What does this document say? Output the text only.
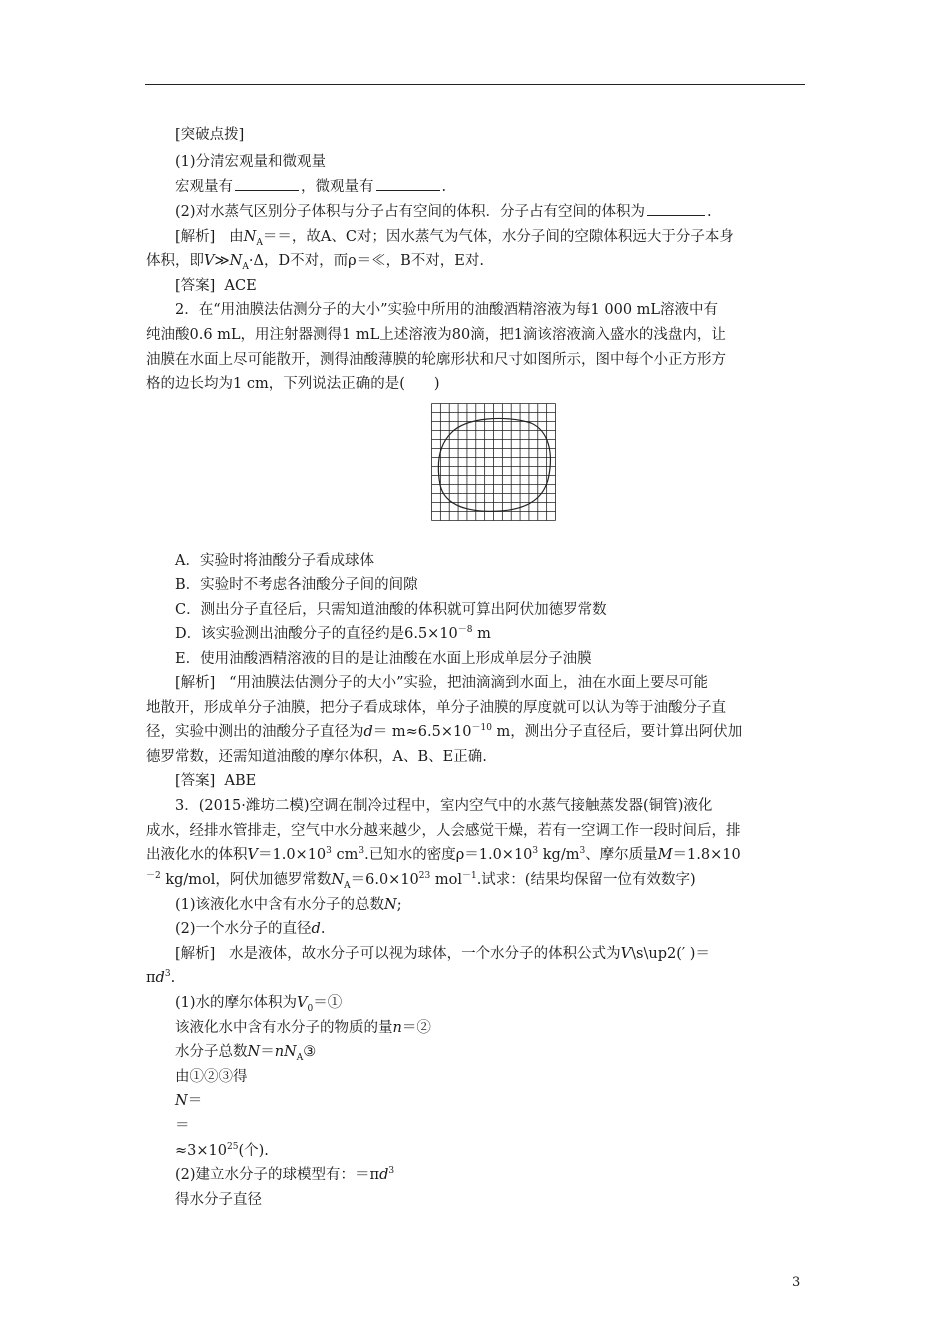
[突破点拨]
(1)分清宏观量和微观量
宏观量有	，微观量有	.
(2)对水蒸气区别分子体积与分子占有空间的体积．分子占有空间的体积为	.
[解析] 由$N_A==$，故A、C对；因水蒸气为气体，水分子间的空隙体积远大于分子本身
体积，即$V≫N_A\cdot\Delta$，D不对，而ρ＝≪，B不对，E对.
[答案] ACE
2．在“用油膜法估测分子的大小”实验中所用的油酸酒精溶液为每1 000 mL溶液中有
纯油酸0.6 mL，用注射器测得1 mL上述溶液为80滴，把1滴该溶液滴入盛水的浅盘内，让
油膜在水面上尽可能散开，测得油酸薄膜的轮廓形状和尺寸如图所示，图中每个小正方形方
格的边长均为1 cm，下列说法正确的是(　　)
A．实验时将油酸分子看成球体
B．实验时不考虑各油酸分子间的间隙
C．测出分子直径后，只需知道油酸的体积就可算出阿伏加德罗常数
D．该实验测出油酸分子的直径约是$6.5\times 10^{-8}$ m
E．使用油酸酒精溶液的目的是让油酸在水面上形成单层分子油膜
[解析] “用油膜法估测分子的大小”实验，把油滴滴到水面上，油在水面上要尽可能
地散开，形成单分子油膜，把分子看成球体，单分子油膜的厚度就可以认为等于油酸分子直
径，实验中测出的油酸分子直径为$d= m\approx 6.5\times 10^{-10}$ m，测出分子直径后，要计算出阿伏加
德罗常数，还需知道油酸的摩尔体积，A、B、E正确.
[答案] ABE
3．(2015·潍坊二模)空调在制冷过程中，室内空气中的水蒸气接触蒸发器(铜管)液化
成水，经排水管排走，空气中水分越来越少，人会感觉干燥，若有一空调工作一段时间后，排
出液化水的体积$V=1.0\times 10^3$ $cm^3$.已知水的密度$\rho=1.0\times 10^3$ $kg/m^3$、摩尔质量M＝1.8×10
$^{-2}$ kg/mol，阿伏加德罗常数$N_A=6.0\times 10^{23}$ mol$^{-1}$.试求：(结果均保留一位有效数字)
(1)该液化水中含有水分子的总数N;
(2)一个水分子的直径d.
[解析] 水是液体，故水分子可以视为球体，一个水分子的体积公式为V\s\up2(′ )＝
$\pi d^3$.
(1)水的摩尔体积为$V_0=①$
该液化水中含有水分子的物质的量n＝②
水分子总数$N=nN_A③$
由①②③得
N＝
＝
$\approx 3\times 10^{25}$(个).
(2)建立水分子的球模型有：$=\pi d^3$
得水分子直径
3
